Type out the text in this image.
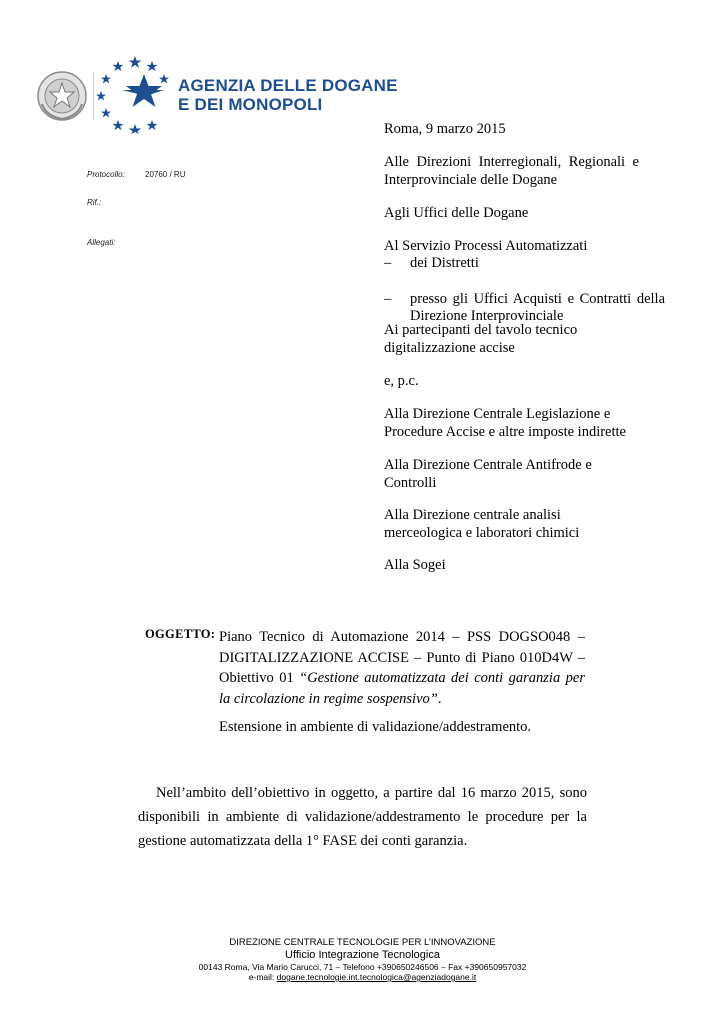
AGENZIA DELLE DOGANE
E DEI MONOPOLI
Protocollo:	20760 / RU
Rif.:
Allegati:
Roma, 9 marzo 2015
Alle Direzioni Interregionali, Regionali e Interprovinciale delle Dogane
Agli Uffici delle Dogane
Al Servizio Processi Automatizzati
– dei Distretti
– presso gli Uffici Acquisti e Contratti della Direzione Interprovinciale
Ai partecipanti del tavolo tecnico digitalizzazione accise
e, p.c.
Alla Direzione Centrale Legislazione e Procedure Accise e altre imposte indirette
Alla Direzione Centrale Antifrode e Controlli
Alla Direzione centrale analisi merceologica e laboratori chimici
Alla Sogei
OGGETTO: Piano Tecnico di Automazione 2014 – PSS DOGSO048 – DIGITALIZZAZIONE ACCISE – Punto di Piano 010D4W – Obiettivo 01 “Gestione automatizzata dei conti garanzia per la circolazione in regime sospensivo”.
Estensione in ambiente di validazione/addestramento.
Nell’ambito dell’obiettivo in oggetto, a partire dal 16 marzo 2015, sono disponibili in ambiente di validazione/addestramento le procedure per la gestione automatizzata della 1° FASE dei conti garanzia.
DIREZIONE CENTRALE TECNOLOGIE PER L’INNOVAZIONE
Ufficio Integrazione Tecnologica
00143 Roma, Via Mario Carucci, 71 – Telefono +390650246506 – Fax +390650957032
e-mail: dogane.tecnologie.int.tecnologica@agenziadogane.it
